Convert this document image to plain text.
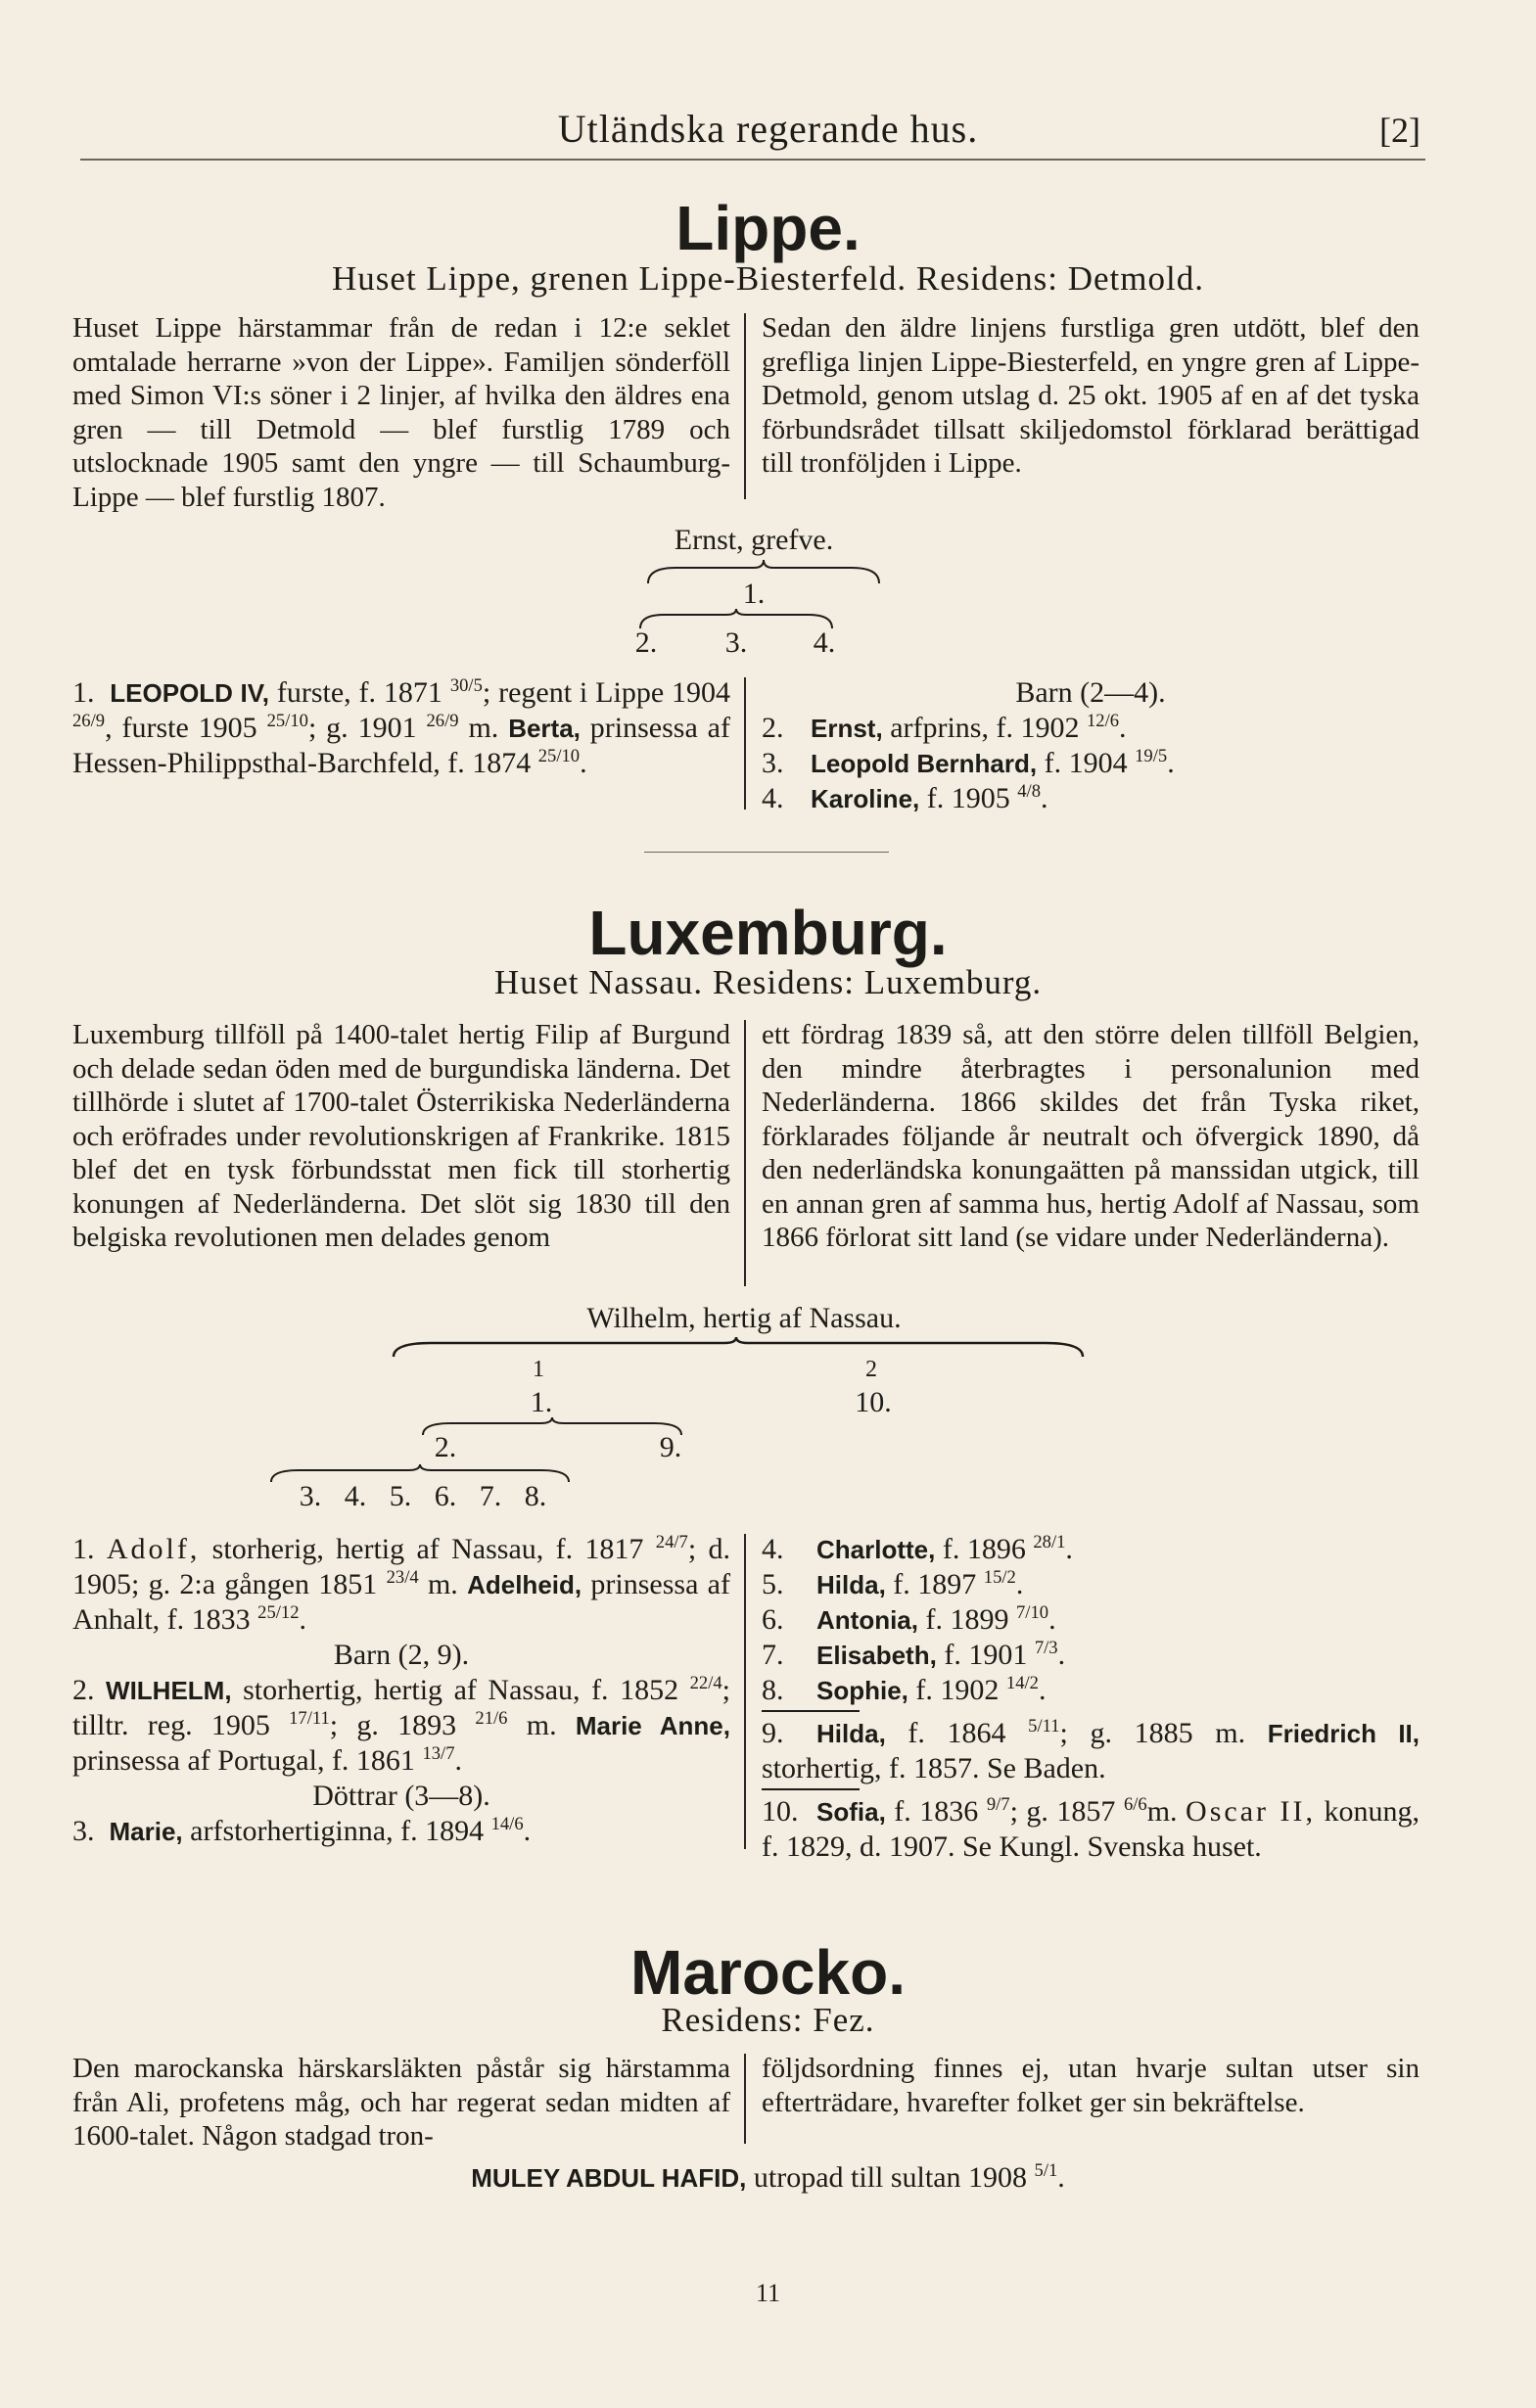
Utländska regerande hus.	[2]
Lippe.
Huset Lippe, grenen Lippe-Biesterfeld. Residens: Detmold.

Huset Lippe härstammar från de redan i 12:e seklet omtalade herrarne »von der Lippe». Familjen sönderföll med Simon VI:s söner i 2 linjer, af hvilka den äldres ena gren — till Detmold — blef furstlig 1789 och utslocknade 1905 samt den yngre — till Schaumburg-Lippe — blef furstlig 1807.

Sedan den äldre linjens furstliga gren utdött, blef den grefliga linjen Lippe-Biesterfeld, en yngre gren af Lippe-Detmold, genom utslag d. 25 okt. 1905 af en af det tyska förbundsrådet tillsatt skiljedomstol förklarad berättigad till tronföljden i Lippe.

Ernst, grefve.
1.
2.	3.	4.

1. LEOPOLD IV, furste, f. 1871 $^{30/5}$; regent i Lippe 1904 $^{26/9}$, furste 1905 $^{25/10}$; g. 1901 $^{26/9}$ m. Berta, prinsessa af Hessen-Philippsthal-Barchfeld, f. 1874 $^{25/10}$.

Barn (2—4).

2. Ernst, arfprins, f. 1902 $^{12/6}$.

3. Leopold Bernhard, f. 1904 $^{19/5}$.

4. Karoline, f. 1905 $^{4/8}$.

Luxemburg.
Huset Nassau. Residens: Luxemburg.

Luxemburg tillföll på 1400-talet hertig Filip af Burgund och delade sedan öden med de burgundiska länderna. Det tillhörde i slutet af 1700-talet Österrikiska Nederländerna och eröfrades under revolutionskrigen af Frankrike. 1815 blef det en tysk förbundsstat men fick till storhertig konungen af Nederländerna. Det slöt sig 1830 till den belgiska revolutionen men delades genom

ett fördrag 1839 så, att den större delen tillföll Belgien, den mindre återbragtes i personalunion med Nederländerna. 1866 skildes det från Tyska riket, förklarades följande år neutralt och öfvergick 1890, då den nederländska konungaätten på manssidan utgick, till en annan gren af samma hus, hertig Adolf af Nassau, som 1866 förlorat sitt land (se vidare under Nederländerna).

Wilhelm, hertig af Nassau.
1	2
1.	10.
2.	9.
3. 4. 5. 6. 7. 8.

1. Adolf, storherig, hertig af Nassau, f. 1817 $^{24/7}$; d. 1905; g. 2:a gången 1851 $^{23/4}$ m. Adelheid, prinsessa af Anhalt, f. 1833 $^{25/12}$.

Barn (2, 9).

2. WILHELM, storhertig, hertig af Nassau, f. 1852 $^{22/4}$; tilltr. reg. 1905 $^{17/11}$; g. 1893 $^{21/6}$ m. Marie Anne, prinsessa af Portugal, f. 1861 $^{13/7}$.

Döttrar (3—8).

3. Marie, arfstorhertiginna, f. 1894 $^{14/6}$.

4. Charlotte, f. 1896 $^{28/1}$.

5. Hilda, f. 1897 $^{15/2}$.

6. Antonia, f. 1899 $^{7/10}$.

7. Elisabeth, f. 1901 $^{7/3}$.

8. Sophie, f. 1902 $^{14/2}$.

9. Hilda, f. 1864 $^{5/11}$; g. 1885 m. Friedrich II, storhertig, f. 1857. Se Baden.

10. Sofia, f. 1836 $^{9/7}$; g. 1857 $^{6/6}$m. Oscar II, konung, f. 1829, d. 1907. Se Kungl. Svenska huset.

Marocko.
Residens: Fez.

Den marockanska härskarsläkten påstår sig härstamma från Ali, profetens måg, och har regerat sedan midten af 1600-talet. Någon stadgad tron-

följdsordning finnes ej, utan hvarje sultan utser sin efterträdare, hvarefter folket ger sin bekräftelse.

MULEY ABDUL HAFID, utropad till sultan 1908 $^{5/1}$.
11
